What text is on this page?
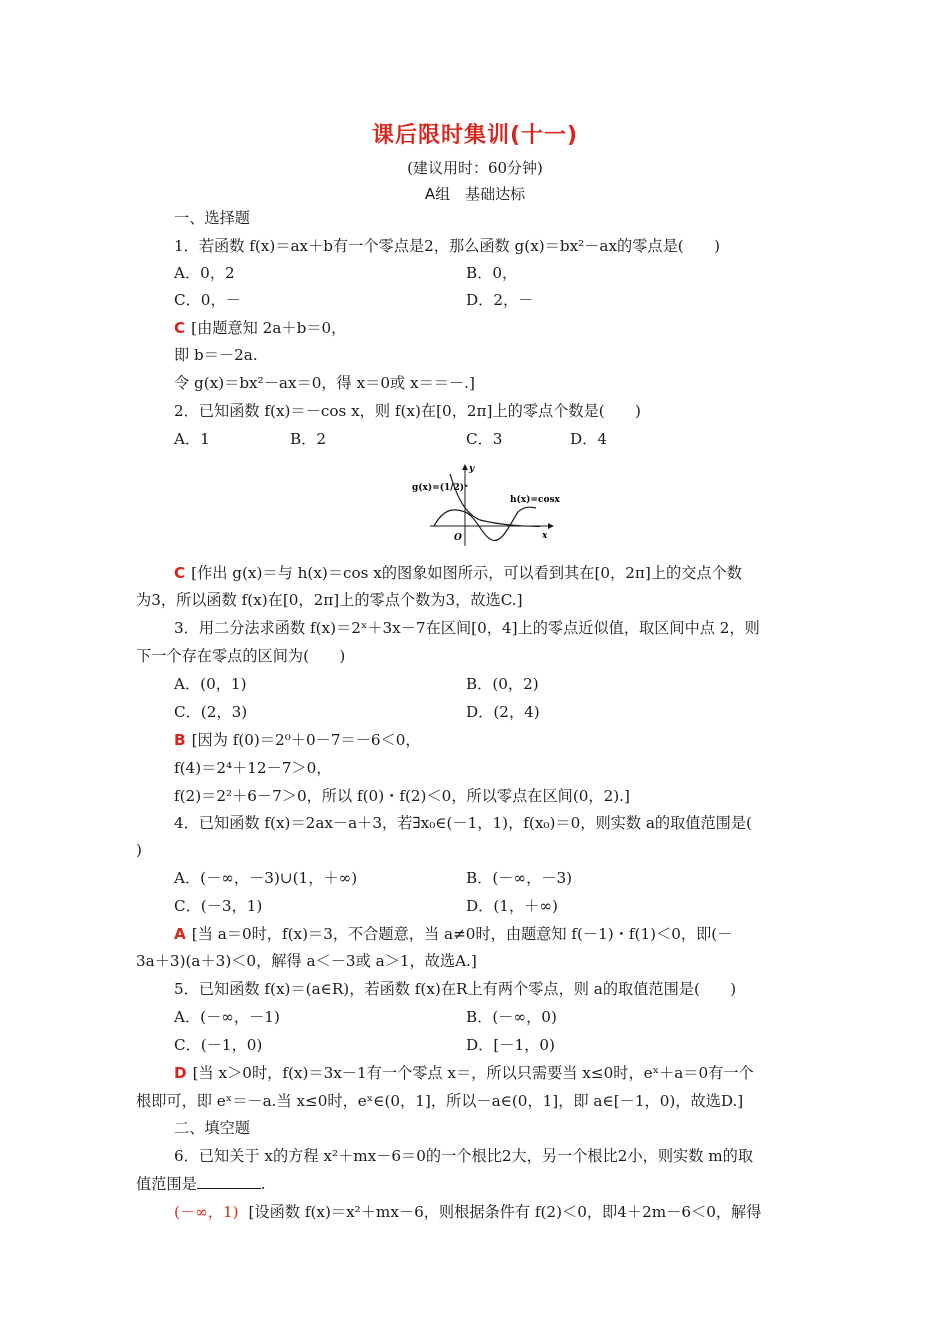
课后限时集训(十一)
(建议用时：60分钟)
A组　基础达标
一、选择题
1．若函数 f(x)＝ax＋b有一个零点是2，那么函数 g(x)＝bx²－ax的零点是(　　)
A．0，2	B．0，
C．0，－	D．2，－
C [由题意知 2a＋b＝0，
即 b＝－2a.
令 g(x)＝bx²－ax＝0，得 x＝0或 x＝＝－.]
2．已知函数 f(x)＝－cos x，则 f(x)在[0，2π]上的零点个数是(　　)
A．1	B．2	C．3	D．4
g(x)=(1/2)ˣ
h(x)=cosx
y
x
O
C [作出 g(x)＝与 h(x)＝cos x的图象如图所示，可以看到其在[0，2π]上的交点个数
为3，所以函数 f(x)在[0，2π]上的零点个数为3，故选C.]
3．用二分法求函数 f(x)＝2ˣ＋3x－7在区间[0，4]上的零点近似值，取区间中点 2，则
下一个存在零点的区间为(　　)
A．(0，1)	B．(0，2)
C．(2，3)	D．(2，4)
B [因为 f(0)＝2⁰＋0－7＝－6＜0，
f(4)＝2⁴＋12－7＞0，
f(2)＝2²＋6－7＞0，所以 f(0)・f(2)＜0，所以零点在区间(0，2).]
4．已知函数 f(x)＝2ax－a＋3，若∃x₀∈(－1，1)，f(x₀)＝0，则实数 a的取值范围是(
)
A．(－∞，－3)∪(1，＋∞)	B．(－∞，－3)
C．(－3，1)	D．(1，＋∞)
A [当 a＝0时，f(x)＝3，不合题意，当 a≠0时，由题意知 f(－1)・f(1)＜0，即(－
3a＋3)(a＋3)＜0，解得 a＜－3或 a＞1，故选A.]
5．已知函数 f(x)＝(a∈R)，若函数 f(x)在R上有两个零点，则 a的取值范围是(　　)
A．(－∞，－1)	B．(－∞，0)
C．(－1，0)	D．[－1，0)
D [当 x＞0时，f(x)＝3x－1有一个零点 x＝，所以只需要当 x≤0时，eˣ＋a＝0有一个
根即可，即 eˣ＝－a.当 x≤0时，eˣ∈(0，1]，所以－a∈(0，1]，即 a∈[－1，0)，故选D.]
二、填空题
6．已知关于 x的方程 x²＋mx－6＝0的一个根比2大，另一个根比2小，则实数 m的取
值范围是	.
(－∞，1) [设函数 f(x)＝x²＋mx－6，则根据条件有 f(2)＜0，即4＋2m－6＜0，解得
